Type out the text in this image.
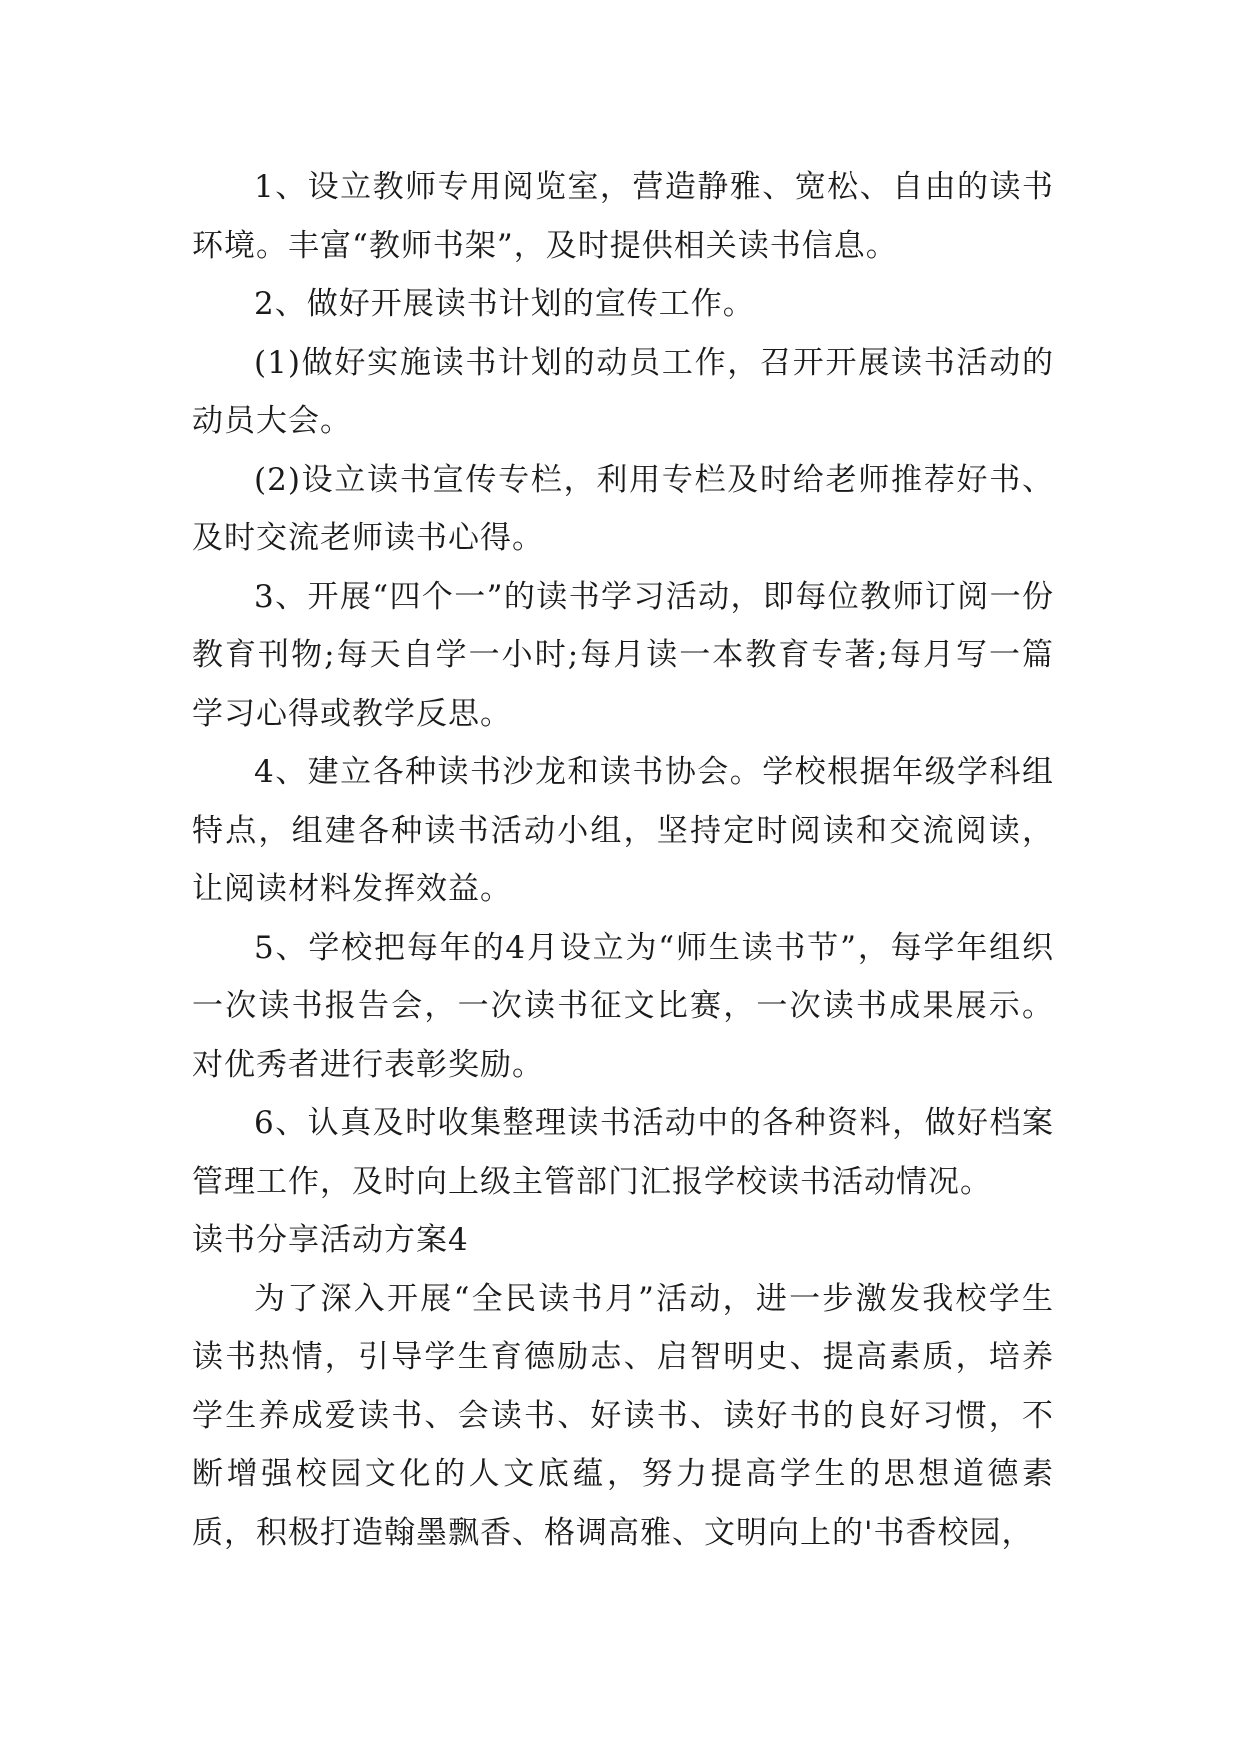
1、设立教师专用阅览室，营造静雅、宽松、自由的读书环境。丰富“教师书架”，及时提供相关读书信息。

2、做好开展读书计划的宣传工作。

(1)做好实施读书计划的动员工作，召开开展读书活动的动员大会。

(2)设立读书宣传专栏，利用专栏及时给老师推荐好书、及时交流老师读书心得。

3、开展“四个一”的读书学习活动，即每位教师订阅一份教育刊物;每天自学一小时;每月读一本教育专著;每月写一篇学习心得或教学反思。

4、建立各种读书沙龙和读书协会。学校根据年级学科组特点，组建各种读书活动小组，坚持定时阅读和交流阅读，让阅读材料发挥效益。

5、学校把每年的4月设立为“师生读书节”，每学年组织一次读书报告会，一次读书征文比赛，一次读书成果展示。对优秀者进行表彰奖励。

6、认真及时收集整理读书活动中的各种资料，做好档案管理工作，及时向上级主管部门汇报学校读书活动情况。

读书分享活动方案4

为了深入开展“全民读书月”活动，进一步激发我校学生读书热情，引导学生育德励志、启智明史、提高素质，培养学生养成爱读书、会读书、好读书、读好书的良好习惯，不断增强校园文化的人文底蕴，努力提高学生的思想道德素质，积极打造翰墨飘香、格调高雅、文明向上的'书香校园，
